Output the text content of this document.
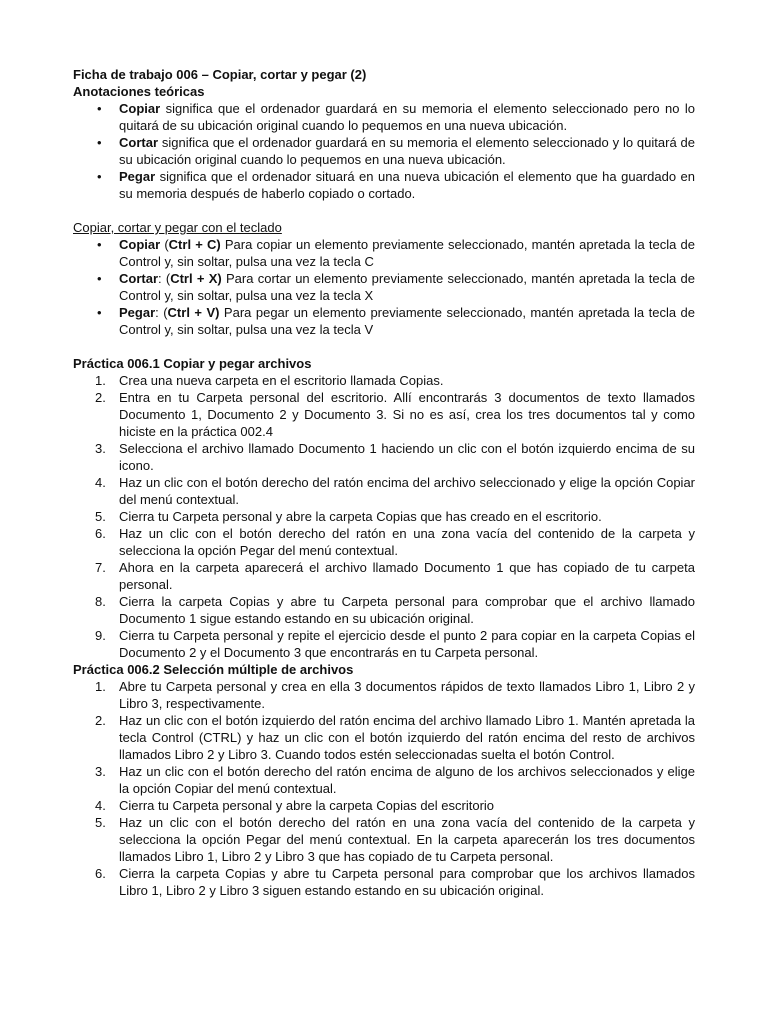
Ficha de trabajo 006 – Copiar, cortar y pegar (2)
Anotaciones teóricas
• Copiar significa que el ordenador guardará en su memoria el elemento seleccionado pero no lo quitará de su ubicación original cuando lo pequemos en una nueva ubicación.
• Cortar significa que el ordenador guardará en su memoria el elemento seleccionado y lo quitará de su ubicación original cuando lo pequemos en una nueva ubicación.
• Pegar significa que el ordenador situará en una nueva ubicación el elemento que ha guardado en su memoria después de haberlo copiado o cortado.
Copiar, cortar y pegar con el teclado
• Copiar (Ctrl + C) Para copiar un elemento previamente seleccionado, mantén apretada la tecla de Control y, sin soltar, pulsa una vez la tecla C
• Cortar: (Ctrl + X) Para cortar un elemento previamente seleccionado, mantén apretada la tecla de Control y, sin soltar, pulsa una vez la tecla X
• Pegar: (Ctrl + V) Para pegar un elemento previamente seleccionado, mantén apretada la tecla de Control y, sin soltar, pulsa una vez la tecla V
Práctica 006.1 Copiar y pegar archivos
1. Crea una nueva carpeta en el escritorio llamada Copias.
2. Entra en tu Carpeta personal del escritorio. Allí encontrarás 3 documentos de texto llamados Documento 1, Documento 2 y Documento 3. Si no es así, crea los tres documentos tal y como hiciste en la práctica 002.4
3. Selecciona el archivo llamado Documento 1 haciendo un clic con el botón izquierdo encima de su icono.
4. Haz un clic con el botón derecho del ratón encima del archivo seleccionado y elige la opción Copiar del menú contextual.
5. Cierra tu Carpeta personal y abre la carpeta Copias que has creado en el escritorio.
6. Haz un clic con el botón derecho del ratón en una zona vacía del contenido de la carpeta y selecciona la opción Pegar del menú contextual.
7. Ahora en la carpeta aparecerá el archivo llamado Documento 1 que has copiado de tu carpeta personal.
8. Cierra la carpeta Copias y abre tu Carpeta personal para comprobar que el archivo llamado Documento 1 sigue estando estando en su ubicación original.
9. Cierra tu Carpeta personal y repite el ejercicio desde el punto 2 para copiar en la carpeta Copias el Documento 2 y el Documento 3 que encontrarás en tu Carpeta personal.
Práctica 006.2 Selección múltiple de archivos
1. Abre tu Carpeta personal y crea en ella 3 documentos rápidos de texto llamados Libro 1, Libro 2 y Libro 3, respectivamente.
2. Haz un clic con el botón izquierdo del ratón encima del archivo llamado Libro 1. Mantén apretada la tecla Control (CTRL) y haz un clic con el botón izquierdo del ratón encima del resto de archivos llamados Libro 2 y Libro 3. Cuando todos estén seleccionadas suelta el botón Control.
3. Haz un clic con el botón derecho del ratón encima de alguno de los archivos seleccionados y elige la opción Copiar del menú contextual.
4. Cierra tu Carpeta personal y abre la carpeta Copias del escritorio
5. Haz un clic con el botón derecho del ratón en una zona vacía del contenido de la carpeta y selecciona la opción Pegar del menú contextual. En la carpeta aparecerán los tres documentos llamados Libro 1, Libro 2 y Libro 3 que has copiado de tu Carpeta personal.
6. Cierra la carpeta Copias y abre tu Carpeta personal para comprobar que los archivos llamados Libro 1, Libro 2 y Libro 3 siguen estando estando en su ubicación original.
